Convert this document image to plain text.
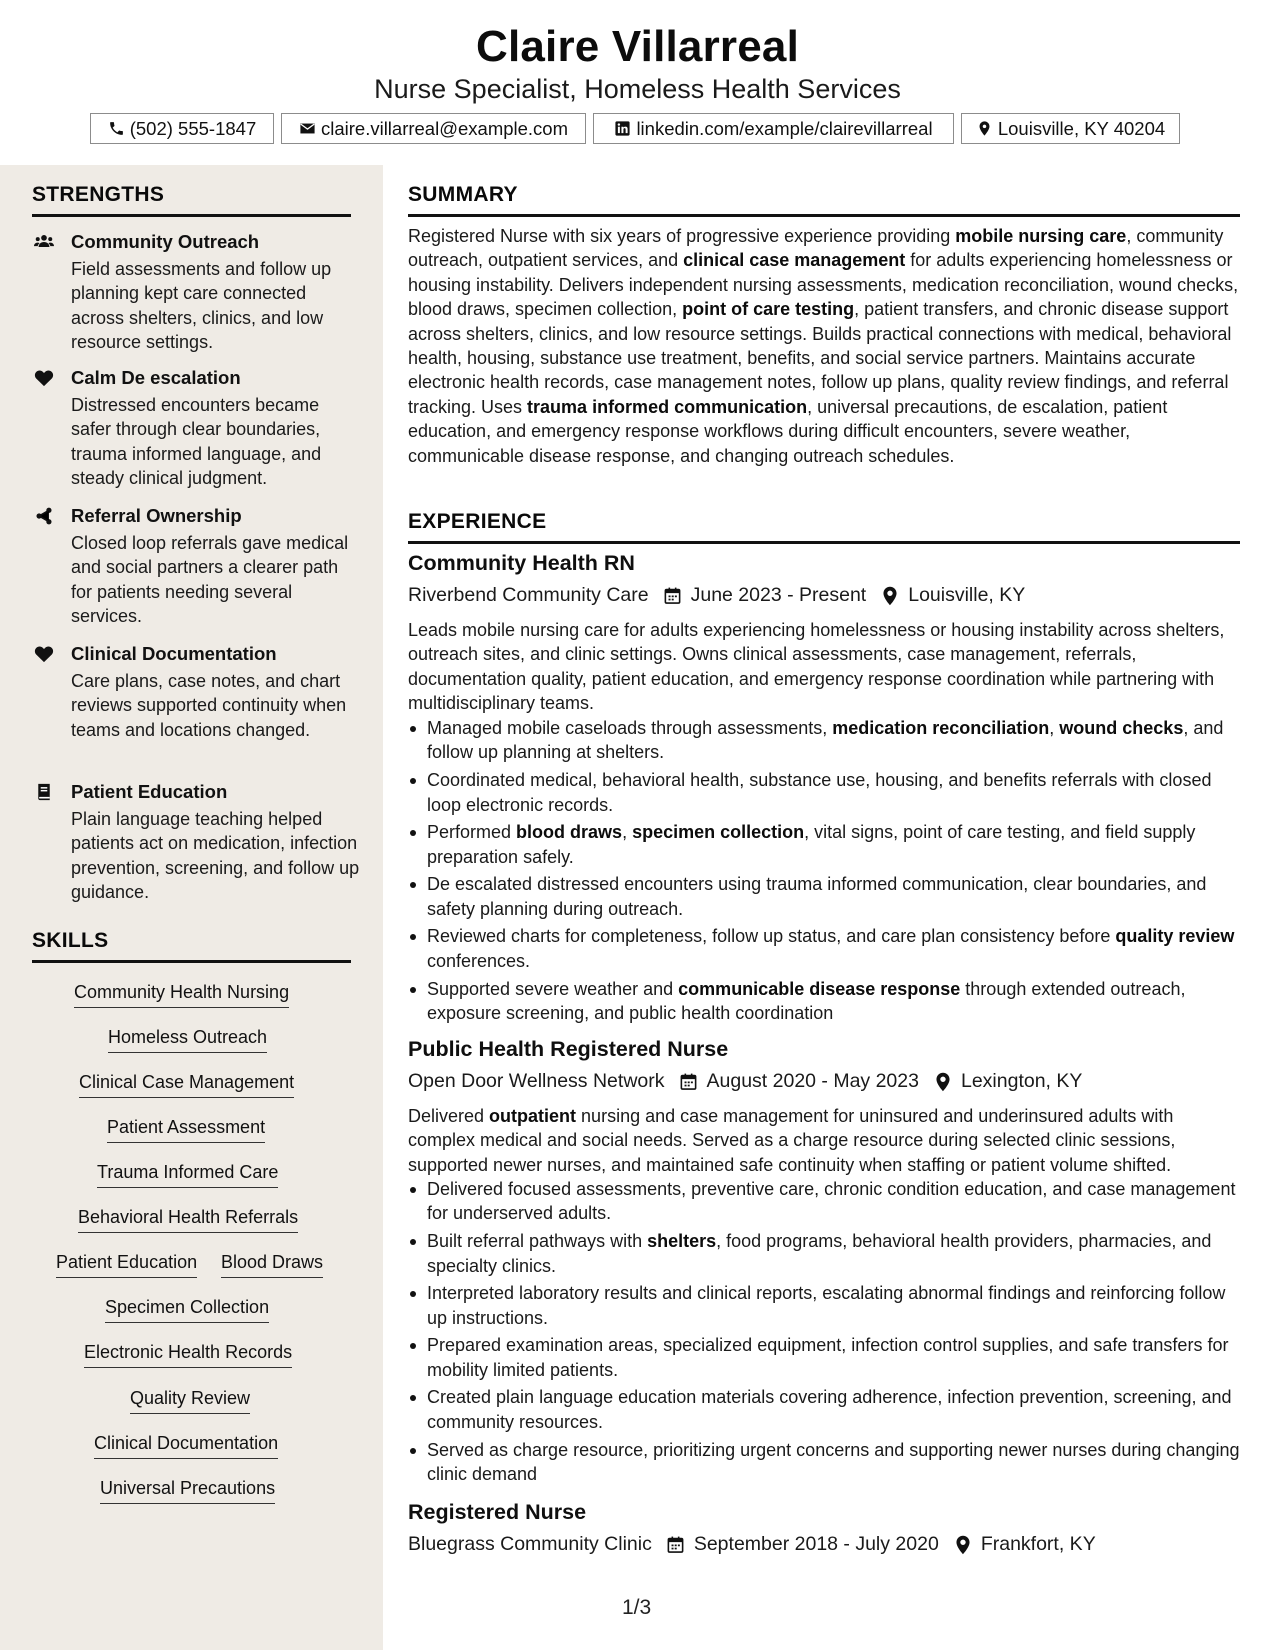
Claire Villarreal
Nurse Specialist, Homeless Health Services
(502) 555-1847	claire.villarreal@example.com	linkedin.com/example/clairevillarreal	Louisville, KY 40204
STRENGTHS
Community Outreach
Field assessments and follow up planning kept care connected across shelters, clinics, and low resource settings.
Calm De escalation
Distressed encounters became safer through clear boundaries, trauma informed language, and steady clinical judgment.
Referral Ownership
Closed loop referrals gave medical and social partners a clearer path for patients needing several services.
Clinical Documentation
Care plans, case notes, and chart reviews supported continuity when teams and locations changed.
Patient Education
Plain language teaching helped patients act on medication, infection prevention, screening, and follow up guidance.
SKILLS
Community Health Nursing
Homeless Outreach
Clinical Case Management
Patient Assessment
Trauma Informed Care
Behavioral Health Referrals
Patient Education Blood Draws
Specimen Collection
Electronic Health Records
Quality Review
Clinical Documentation
Universal Precautions
SUMMARY
Registered Nurse with six years of progressive experience providing mobile nursing care, community outreach, outpatient services, and clinical case management for adults experiencing homelessness or housing instability. Delivers independent nursing assessments, medication reconciliation, wound checks, blood draws, specimen collection, point of care testing, patient transfers, and chronic disease support across shelters, clinics, and low resource settings. Builds practical connections with medical, behavioral health, housing, substance use treatment, benefits, and social service partners. Maintains accurate electronic health records, case management notes, follow up plans, quality review findings, and referral tracking. Uses trauma informed communication, universal precautions, de escalation, patient education, and emergency response workflows during difficult encounters, severe weather, communicable disease response, and changing outreach schedules.
EXPERIENCE
Community Health RN
Riverbend Community Care June 2023 - Present Louisville, KY
Leads mobile nursing care for adults experiencing homelessness or housing instability across shelters, outreach sites, and clinic settings. Owns clinical assessments, case management, referrals, documentation quality, patient education, and emergency response coordination while partnering with multidisciplinary teams.
Managed mobile caseloads through assessments, medication reconciliation, wound checks, and follow up planning at shelters.
Coordinated medical, behavioral health, substance use, housing, and benefits referrals with closed loop electronic records.
Performed blood draws, specimen collection, vital signs, point of care testing, and field supply preparation safely.
De escalated distressed encounters using trauma informed communication, clear boundaries, and safety planning during outreach.
Reviewed charts for completeness, follow up status, and care plan consistency before quality review conferences.
Supported severe weather and communicable disease response through extended outreach, exposure screening, and public health coordination
Public Health Registered Nurse
Open Door Wellness Network August 2020 - May 2023 Lexington, KY
Delivered outpatient nursing and case management for uninsured and underinsured adults with complex medical and social needs. Served as a charge resource during selected clinic sessions, supported newer nurses, and maintained safe continuity when staffing or patient volume shifted.
Delivered focused assessments, preventive care, chronic condition education, and case management for underserved adults.
Built referral pathways with shelters, food programs, behavioral health providers, pharmacies, and specialty clinics.
Interpreted laboratory results and clinical reports, escalating abnormal findings and reinforcing follow up instructions.
Prepared examination areas, specialized equipment, infection control supplies, and safe transfers for mobility limited patients.
Created plain language education materials covering adherence, infection prevention, screening, and community resources.
Served as charge resource, prioritizing urgent concerns and supporting newer nurses during changing clinic demand
Registered Nurse
Bluegrass Community Clinic September 2018 - July 2020 Frankfort, KY
1/3
